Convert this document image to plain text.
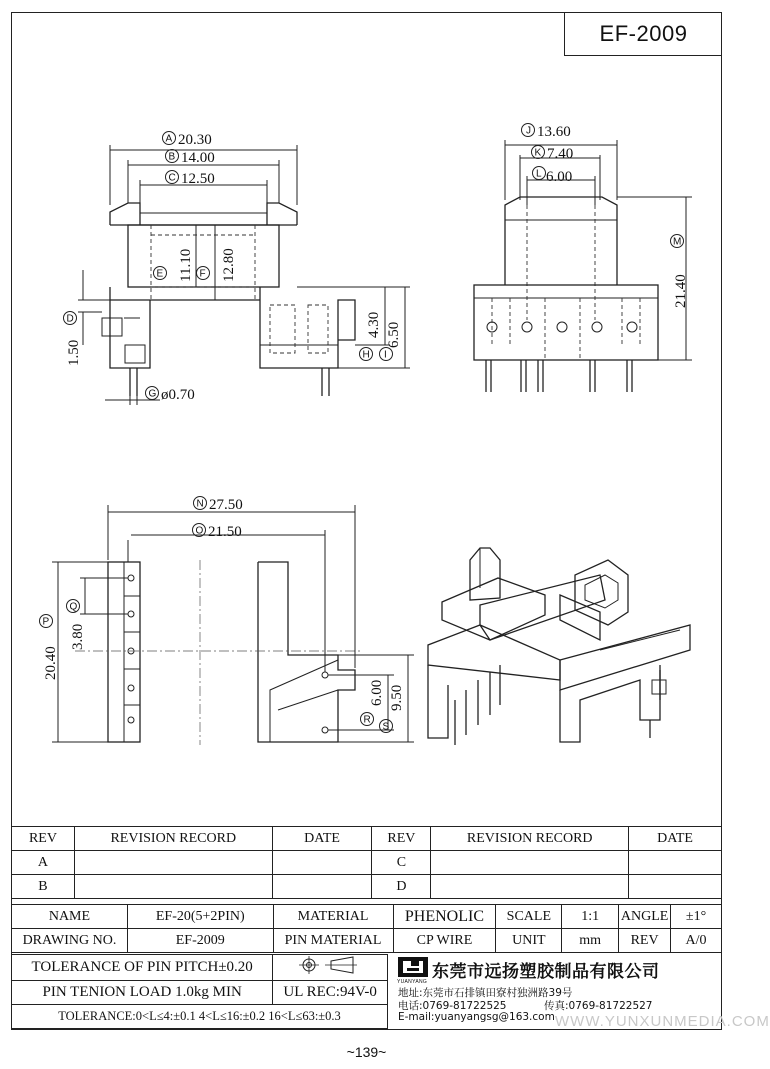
EF-2009
A 20.30
B 14.00
C 12.50
E 11.10 F 12.80
D
1.50
4.30
H
6.50
I
G ø0.70
J 13.60
K 7.40
L 6.00
M
21.40
N 27.50
O 21.50
P
20.40
Q
3.80
6.00
R
9.50
S
REV	REVISION RECORD	DATE	REV	REVISION RECORD	DATE
A			C		
B			D		
NAME	EF-20(5+2PIN)	MATERIAL	PHENOLIC	SCALE	1:1	ANGLE	±1°
DRAWING NO.	EF-2009	PIN MATERIAL	CP WIRE	UNIT	mm	REV	A/0
TOLERANCE OF PIN PITCH±0.20	
PIN TENION LOAD 1.0kg MIN	UL REC:94V-0
TOLERANCE:0<L≤4:±0.1 4<L≤16:±0.2 16<L≤63:±0.3	
YUANYANG 东莞市远扬塑胶制品有限公司
地址:东莞市石排镇田寮村独洲路39号
电话:0769-81722525	传真:0769-81722527
E-mail:yuanyangsg@163.com WWW.YUNXUNMEDIA.COM
~139~
